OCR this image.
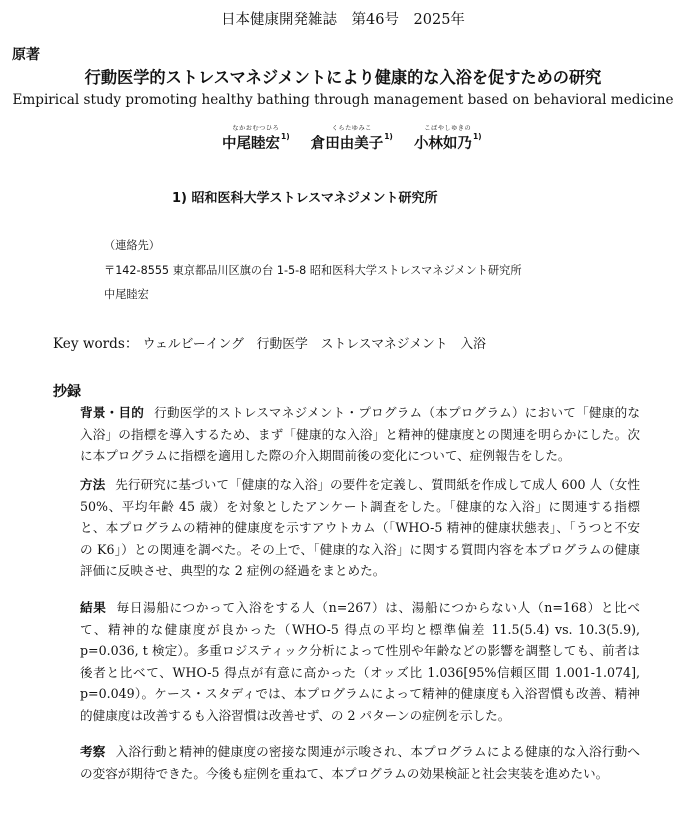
日本健康開発雑誌　第46号　2025年
原著
行動医学的ストレスマネジメントにより健康的な入浴を促すための研究
Empirical study promoting healthy bathing through management based on behavioral medicine
なかおむつひろ
中尾睦宏$^{1)}$
くらたゆみこ
倉田由美子$^{1)}$
こばやしゆきの
小林如乃$^{1)}$
1) 昭和医科大学ストレスマネジメント研究所
（連絡先）
〒142-8555 東京都品川区旗の台 1-5-8 昭和医科大学ストレスマネジメント研究所
中尾睦宏
Key words： ウェルビーイング　行動医学　ストレスマネジメント　入浴
抄録
背景・目的 行動医学的ストレスマネジメント・プログラム（本プログラム）において「健康的な入浴」の指標を導入するため、まず「健康的な入浴」と精神的健康度との関連を明らかにした。次に本プログラムに指標を適用した際の介入期間前後の変化について、症例報告をした。
方法 先行研究に基づいて「健康的な入浴」の要件を定義し、質問紙を作成して成人 600 人（女性 50%、平均年齢 45 歳）を対象としたアンケート調査をした。「健康的な入浴」に関連する指標と、本プログラムの精神的健康度を示すアウトカム（「WHO-5 精神的健康状態表」、「うつと不安の K6」）との関連を調べた。その上で、「健康的な入浴」に関する質問内容を本プログラムの健康評価に反映させ、典型的な 2 症例の経過をまとめた。
結果 毎日湯船につかって入浴をする人（n=267）は、湯船につからない人（n=168）と比べて、精神的な健康度が良かった（WHO-5 得点の平均と標準偏差 11.5(5.4) vs. 10.3(5.9), p=0.036, t 検定）。多重ロジスティック分析によって性別や年齢などの影響を調整しても、前者は後者と比べて、WHO-5 得点が有意に高かった（オッズ比 1.036[95%信頼区間 1.001-1.074], p=0.049）。ケース・スタディでは、本プログラムによって精神的健康度も入浴習慣も改善、精神的健康度は改善するも入浴習慣は改善せず、の 2 パターンの症例を示した。
考察 入浴行動と精神的健康度の密接な関連が示唆され、本プログラムによる健康的な入浴行動への変容が期待できた。今後も症例を重ねて、本プログラムの効果検証と社会実装を進めたい。
